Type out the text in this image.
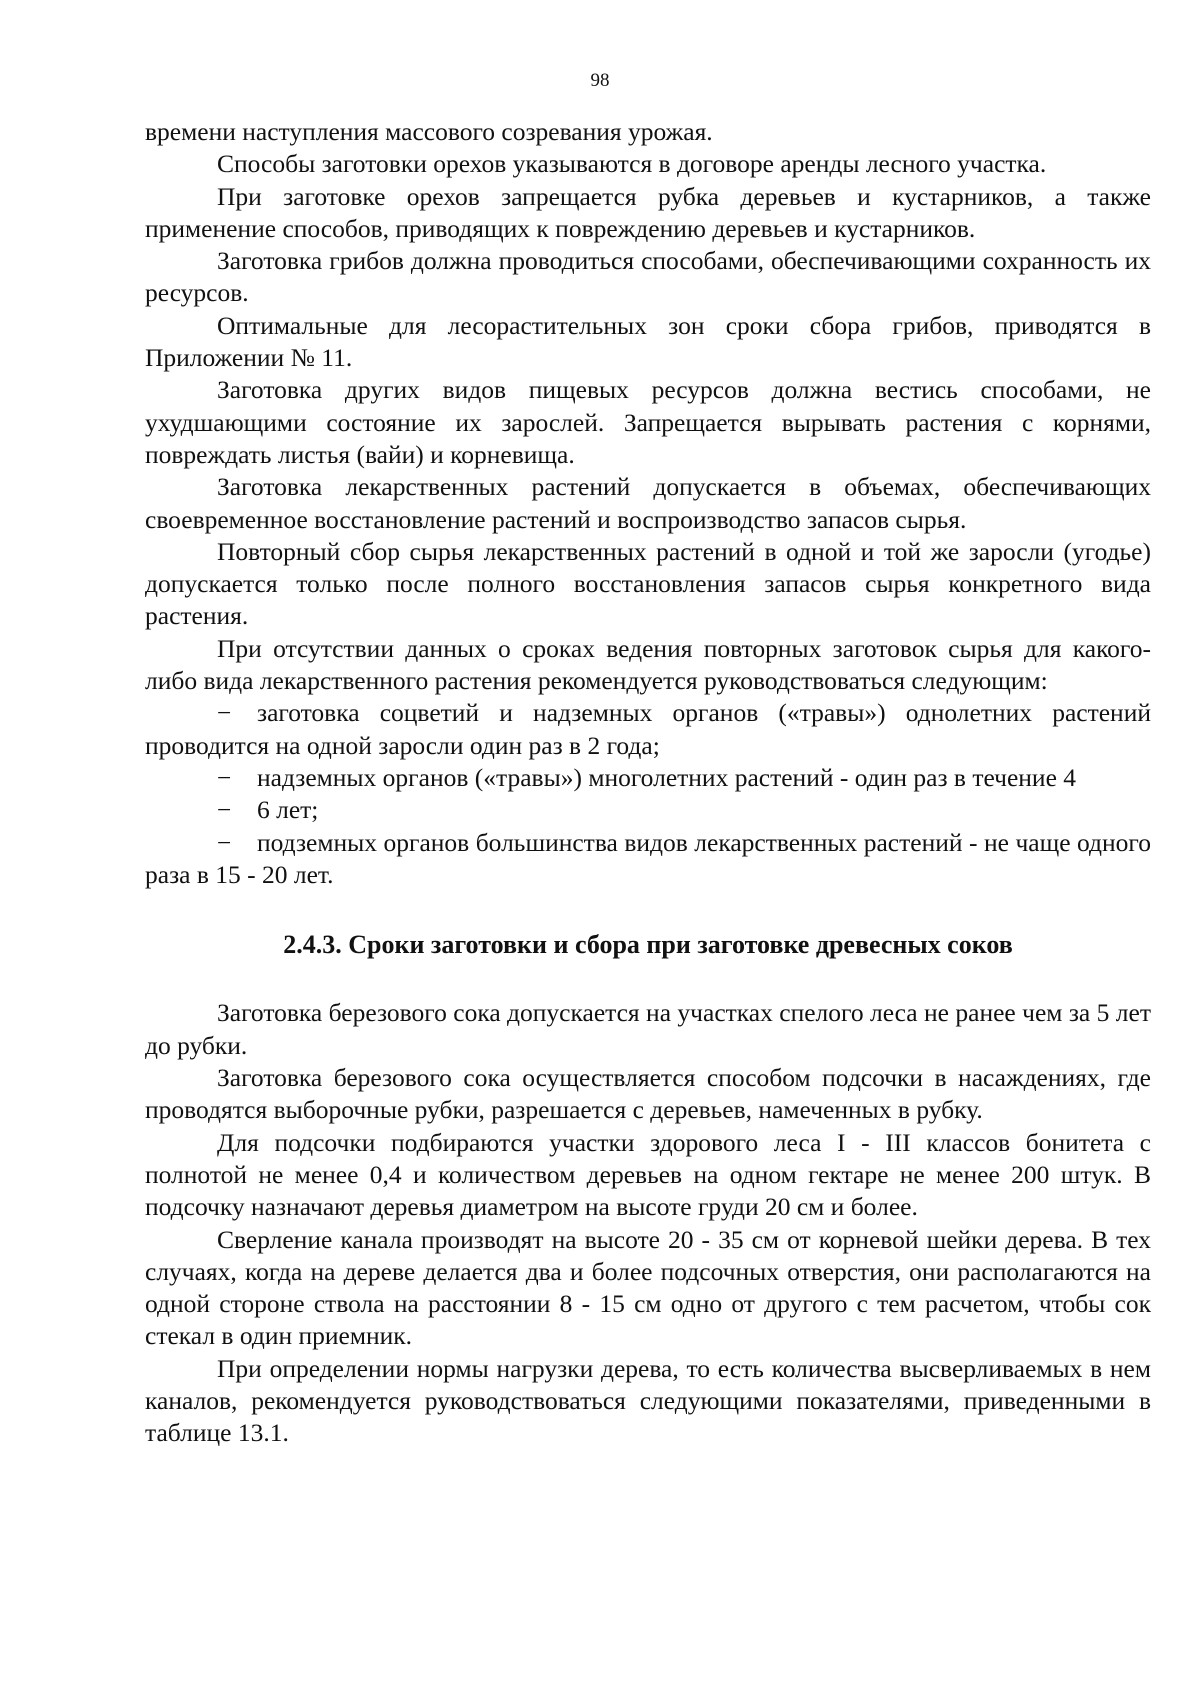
98

времени наступления массового созревания урожая.

Способы заготовки орехов указываются в договоре аренды лесного участка.

При заготовке орехов запрещается рубка деревьев и кустарников, а также применение способов, приводящих к повреждению деревьев и кустарников.

Заготовка грибов должна проводиться способами, обеспечивающими сохранность их ресурсов.

Оптимальные для лесорастительных зон сроки сбора грибов, приводятся в Приложении № 11.

Заготовка других видов пищевых ресурсов должна вестись способами, не ухудшающими состояние их зарослей. Запрещается вырывать растения с корнями, повреждать листья (вайи) и корневища.

Заготовка лекарственных растений допускается в объемах, обеспечивающих своевременное восстановление растений и воспроизводство запасов сырья.

Повторный сбор сырья лекарственных растений в одной и той же заросли (угодье) допускается только после полного восстановления запасов сырья конкретного вида растения.

При отсутствии данных о сроках ведения повторных заготовок сырья для какого-либо вида лекарственного растения рекомендуется руководствоваться следующим:

− заготовка соцветий и надземных органов («травы») однолетних растений проводится на одной заросли один раз в 2 года;

− надземных органов («травы») многолетних растений - один раз в течение 4

− 6 лет;

− подземных органов большинства видов лекарственных растений - не чаще одного раза в 15 - 20 лет.

2.4.3. Сроки заготовки и сбора при заготовке древесных соков

Заготовка березового сока допускается на участках спелого леса не ранее чем за 5 лет до рубки.

Заготовка березового сока осуществляется способом подсочки в насаждениях, где проводятся выборочные рубки, разрешается с деревьев, намеченных в рубку.

Для подсочки подбираются участки здорового леса I - III классов бонитета с полнотой не менее 0,4 и количеством деревьев на одном гектаре не менее 200 штук. В подсочку назначают деревья диаметром на высоте груди 20 см и более.

Сверление канала производят на высоте 20 - 35 см от корневой шейки дерева. В тех случаях, когда на дереве делается два и более подсочных отверстия, они располагаются на одной стороне ствола на расстоянии 8 - 15 см одно от другого с тем расчетом, чтобы сок стекал в один приемник.

При определении нормы нагрузки дерева, то есть количества высверливаемых в нем каналов, рекомендуется руководствоваться следующими показателями, приведенными в таблице 13.1.
